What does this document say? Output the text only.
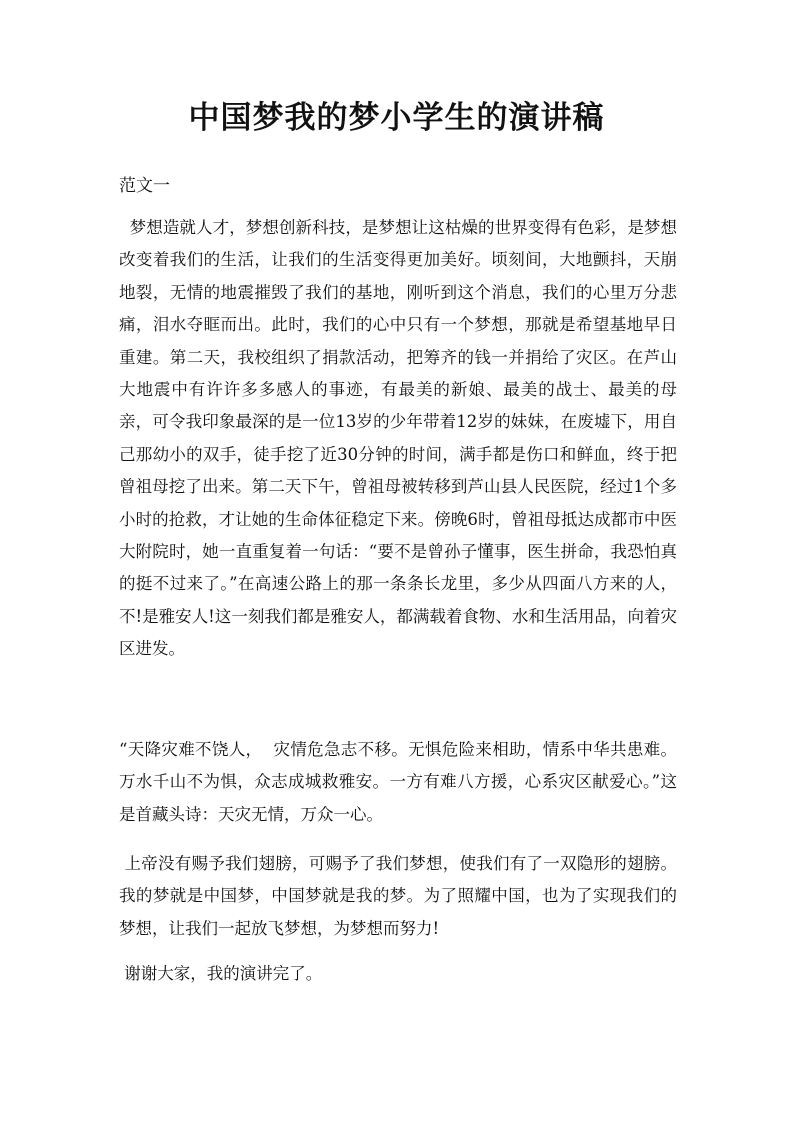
中国梦我的梦小学生的演讲稿
范文一

梦想造就人才，梦想创新科技，是梦想让这枯燥的世界变得有色彩，是梦想改变着我们的生活，让我们的生活变得更加美好。顷刻间，大地颤抖，天崩地裂，无情的地震摧毁了我们的基地，刚听到这个消息，我们的心里万分悲痛，泪水夺眶而出。此时，我们的心中只有一个梦想，那就是希望基地早日重建。第二天，我校组织了捐款活动，把筹齐的钱一并捐给了灾区。在芦山大地震中有许许多多感人的事迹，有最美的新娘、最美的战士、最美的母亲，可令我印象最深的是一位13岁的少年带着12岁的妹妹，在废墟下，用自己那幼小的双手，徒手挖了近30分钟的时间，满手都是伤口和鲜血，终于把曾祖母挖了出来。第二天下午，曾祖母被转移到芦山县人民医院，经过1个多小时的抢救，才让她的生命体征稳定下来。傍晚6时，曾祖母抵达成都市中医大附院时，她一直重复着一句话：“要不是曾孙子懂事，医生拼命，我恐怕真的挺不过来了。”在高速公路上的那一条条长龙里，多少从四面八方来的人，不!是雅安人!这一刻我们都是雅安人，都满载着食物、水和生活用品，向着灾区进发。

“天降灾难不饶人，  灾情危急志不移。无惧危险来相助，情系中华共患难。万水千山不为惧，众志成城救雅安。一方有难八方援，心系灾区献爱心。”这是首藏头诗：天灾无情，万众一心。

上帝没有赐予我们翅膀，可赐予了我们梦想，使我们有了一双隐形的翅膀。我的梦就是中国梦，中国梦就是我的梦。为了照耀中国，也为了实现我们的梦想，让我们一起放飞梦想，为梦想而努力!

谢谢大家，我的演讲完了。
